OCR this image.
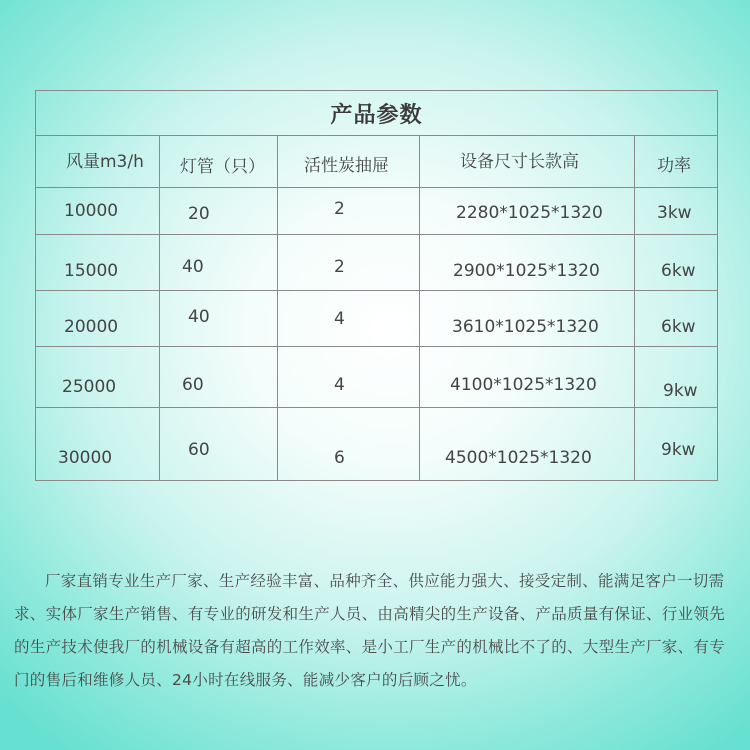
产品参数				
风量m3/h	灯管（只）	活性炭抽屉	设备尺寸长款高	功率
10000	20	2	2280*1025*1320	3kw
15000	40	2	2900*1025*1320	6kw
20000	40	4	3610*1025*1320	6kw
25000	60	4	4100*1025*1320	9kw
30000	60	6	4500*1025*1320	9kw

厂家直销专业生产厂家、生产经验丰富、品种齐全、供应能力强大、接受定制、能满足客户一切需求、实体厂家生产销售、有专业的研发和生产人员、由高精尖的生产设备、产品质量有保证、行业领先的生产技术使我厂的机械设备有超高的工作效率、是小工厂生产的机械比不了的、大型生产厂家、有专门的售后和维修人员、24小时在线服务、能减少客户的后顾之忧。
